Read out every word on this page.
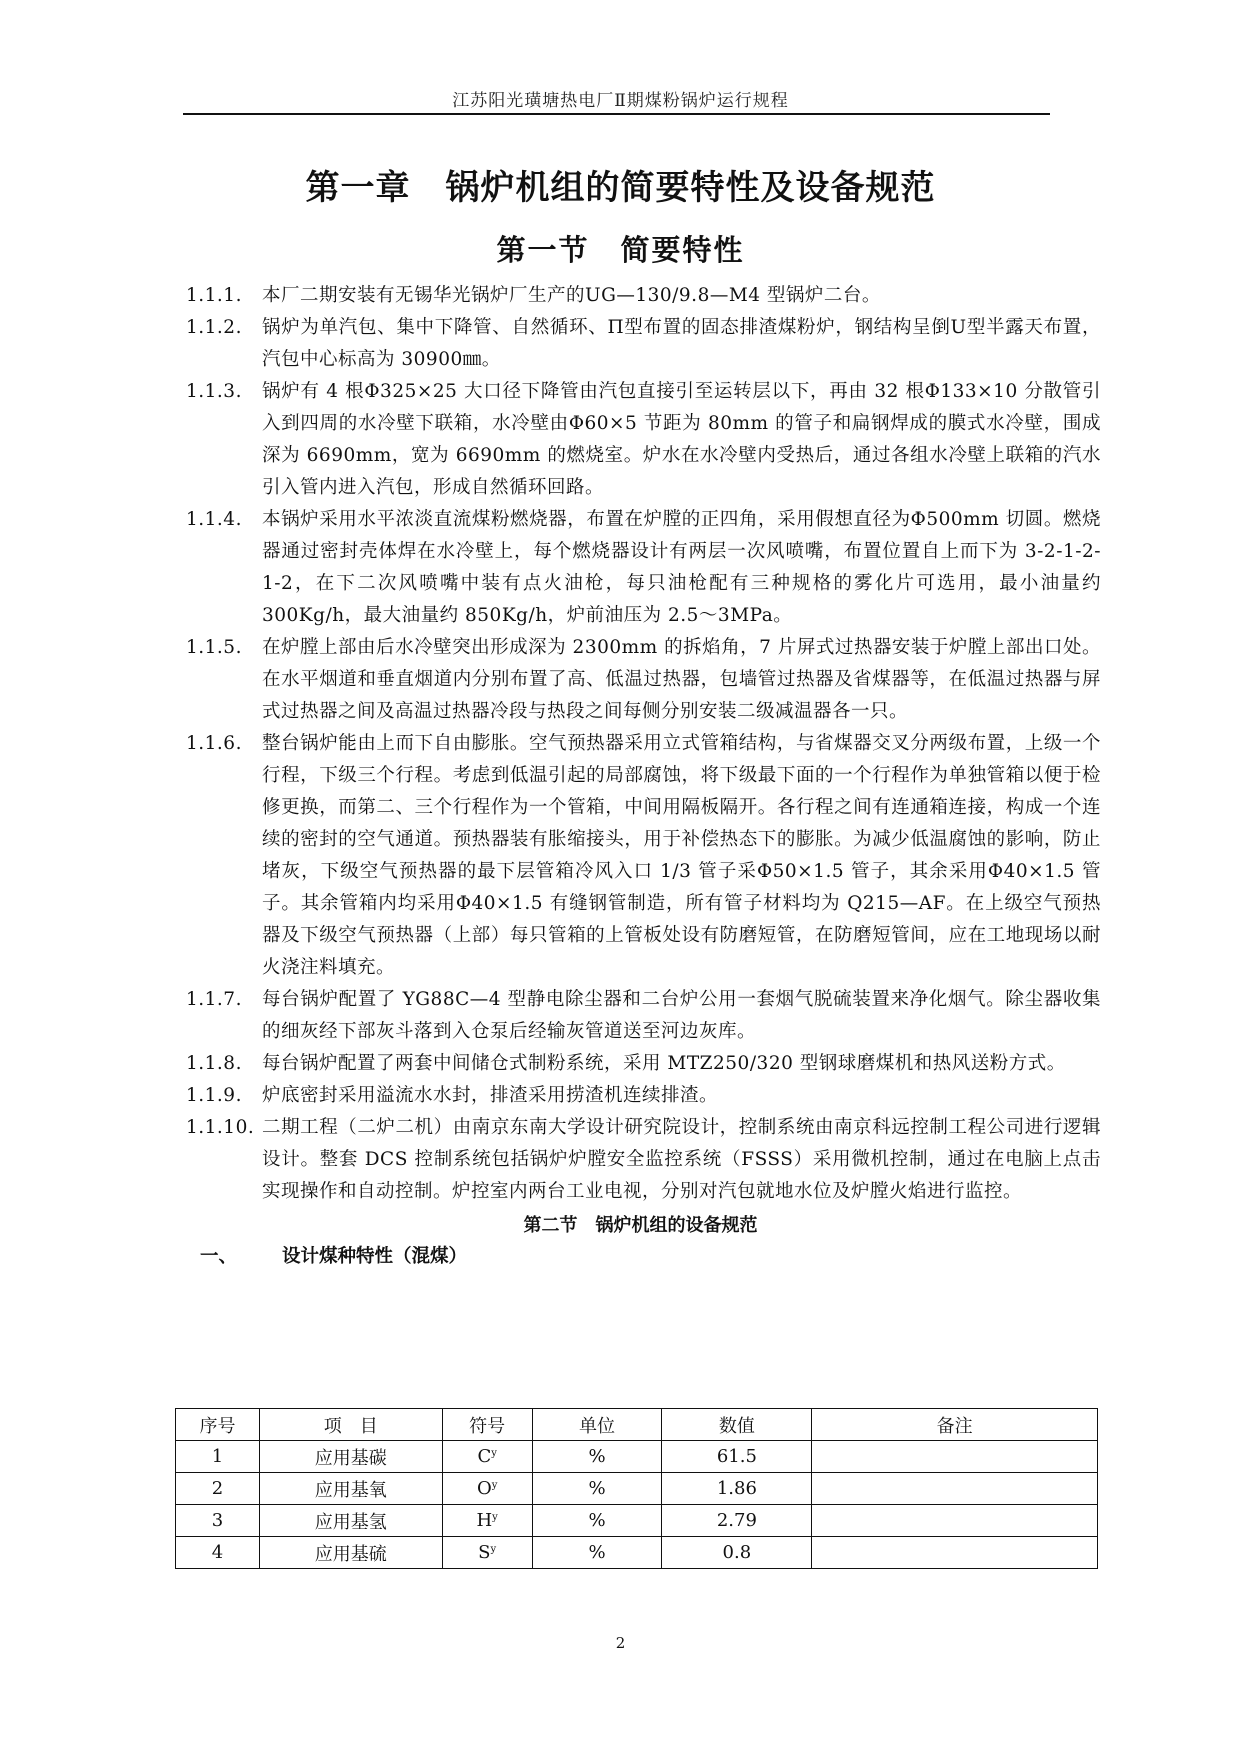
江苏阳光璜塘热电厂Ⅱ期煤粉锅炉运行规程
第一章　锅炉机组的简要特性及设备规范
第一节　简要特性
1.1.1. 本厂二期安装有无锡华光锅炉厂生产的UG—130/9.8—M4 型锅炉二台。
1.1.2. 锅炉为单汽包、集中下降管、自然循环、Π型布置的固态排渣煤粉炉，钢结构呈倒U型半露天布置，汽包中心标高为 30900㎜。
1.1.3. 锅炉有 4 根Φ325×25 大口径下降管由汽包直接引至运转层以下，再由 32 根Φ133×10 分散管引入到四周的水冷壁下联箱，水冷壁由Φ60×5 节距为 80mm 的管子和扁钢焊成的膜式水冷壁，围成深为 6690mm，宽为 6690mm 的燃烧室。炉水在水冷壁内受热后，通过各组水冷壁上联箱的汽水引入管内进入汽包，形成自然循环回路。
1.1.4. 本锅炉采用水平浓淡直流煤粉燃烧器，布置在炉膛的正四角，采用假想直径为Φ500mm 切圆。燃烧器通过密封壳体焊在水冷壁上，每个燃烧器设计有两层一次风喷嘴，布置位置自上而下为 3-2-1-2-1-2，在下二次风喷嘴中装有点火油枪，每只油枪配有三种规格的雾化片可选用，最小油量约 300Kg/h，最大油量约 850Kg/h，炉前油压为 2.5～3MPa。
1.1.5. 在炉膛上部由后水冷壁突出形成深为 2300mm 的拆焰角，7 片屏式过热器安装于炉膛上部出口处。在水平烟道和垂直烟道内分别布置了高、低温过热器，包墙管过热器及省煤器等，在低温过热器与屏式过热器之间及高温过热器冷段与热段之间每侧分别安装二级减温器各一只。
1.1.6. 整台锅炉能由上而下自由膨胀。空气预热器采用立式管箱结构，与省煤器交叉分两级布置，上级一个行程，下级三个行程。考虑到低温引起的局部腐蚀，将下级最下面的一个行程作为单独管箱以便于检修更换，而第二、三个行程作为一个管箱，中间用隔板隔开。各行程之间有连通箱连接，构成一个连续的密封的空气通道。预热器装有胀缩接头，用于补偿热态下的膨胀。为减少低温腐蚀的影响，防止堵灰，下级空气预热器的最下层管箱冷风入口 1/3 管子采Φ50×1.5 管子，其余采用Φ40×1.5 管子。其余管箱内均采用Φ40×1.5 有缝钢管制造，所有管子材料均为 Q215—AF。在上级空气预热器及下级空气预热器（上部）每只管箱的上管板处设有防磨短管，在防磨短管间，应在工地现场以耐火浇注料填充。
1.1.7. 每台锅炉配置了 YG88C—4 型静电除尘器和二台炉公用一套烟气脱硫装置来净化烟气。除尘器收集的细灰经下部灰斗落到入仓泵后经输灰管道送至河边灰库。
1.1.8. 每台锅炉配置了两套中间储仓式制粉系统，采用 MTZ250/320 型钢球磨煤机和热风送粉方式。
1.1.9. 炉底密封采用溢流水水封，排渣采用捞渣机连续排渣。
1.1.10. 二期工程（二炉二机）由南京东南大学设计研究院设计，控制系统由南京科远控制工程公司进行逻辑设计。整套 DCS 控制系统包括锅炉炉膛安全监控系统（FSSS）采用微机控制，通过在电脑上点击实现操作和自动控制。炉控室内两台工业电视，分别对汽包就地水位及炉膛火焰进行监控。
第二节　锅炉机组的设备规范
一、 设计煤种特性（混煤）
序号	项　目	符号	单位	数值	备注
1	应用基碳	$C^y$	%	61.5	
2	应用基氧	$O^y$	%	1.86	
3	应用基氢	$H^y$	%	2.79	
4	应用基硫	$S^y$	%	0.8	
2
